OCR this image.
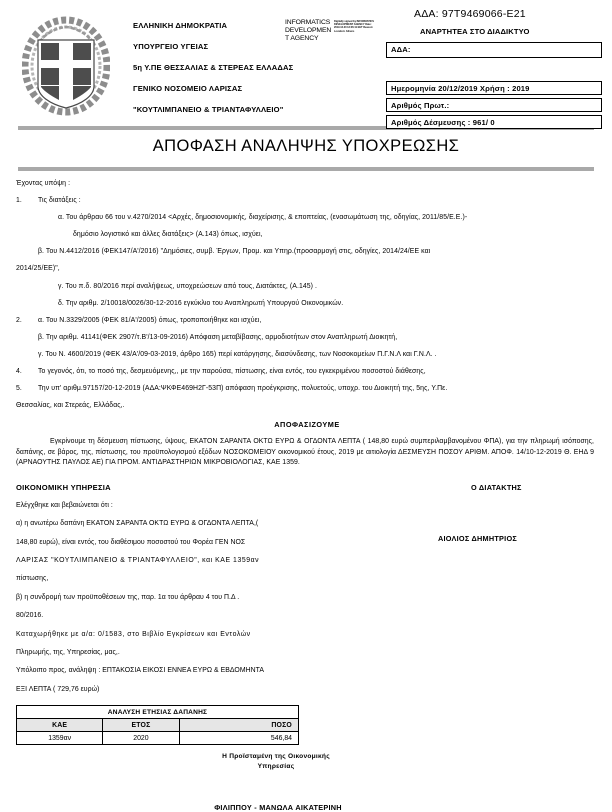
ΕΛΛΗΝΙΚΗ ΔΗΜΟΚΡΑΤΙΑ
ΥΠΟΥΡΓΕΙΟ ΥΓΕΙΑΣ
5η Υ.ΠΕ ΘΕΣΣΑΛΙΑΣ & ΣΤΕΡΕΑΣ ΕΛΛΑΔΑΣ
ΓΕΝΙΚΟ ΝΟΣΟΜΕΙΟ ΛΑΡΙΣΑΣ
"ΚΟΥΤΛΙΜΠΑΝΕΙΟ & ΤΡΙΑΝΤΑΦΥΛΛΕΙΟ"
INFORMATICS DEVELOPMEN T AGENCY
Digitally signed by INFORMATICS DEVELOPMENT AGENCY Date: 2019.12.20 13:26:11 EET Reason: Location: Athens
ΑΔΑ: 97Τ9469066-Ε21
ΑΝΑΡΤΗΤΕΑ ΣΤΟ ΔΙΑΔΙΚΤΥΟ
ΑΔΑ:
Ημερομηνία 20/12/2019 Χρήση : 2019
Αριθμός Πρωτ.:
Αριθμός Δέσμευσης : 961/ 0
ΑΠΟΦΑΣΗ ΑΝΑΛΗΨΗΣ ΥΠΟΧΡΕΩΣΗΣ
Έχοντας υπόψη :
1. Τις διατάξεις :
α. Του άρθραυ 66 του ν.4270/2014 <Αρχές, δημοσιονομικής, διαχείρισης, & εποπτείας, (ενασωμάτωση της, οδηγίας, 2011/85/Ε.Ε.)-
δημόσιο λογιστικό και άλλες διατάξεις> (Α.143) όπως, ισχύει,
β. Του Ν.4412/2016 (ΦΕΚ147/Α'/2016) "Δημόσιες, συμβ. Έργων, Προμ. και Υπηρ.(προσαρμογή στις, οδηγίες, 2014/24/ΕΕ και
2014/25/ΕΕ)",
γ. Του π.δ. 80/2016 περί αναλήψεως, υποχρεώσεων από τους, Διατάκτες, (Α.145) .
δ. Την αριθμ. 2/10018/0026/30-12-2016 εγκύκλιο του Αναπληρωτή Υπουργού Οικονομικών.
2. α. Του Ν.3329/2005 (ΦΕΚ 81/Α'/2005) όπως, τροποποιήθηκε και ισχύει,
β. Την αριθμ. 41141(ΦΕΚ 2907/τ.Β'/13-09-2016) Απόφαση μεταβίβασης, αρμοδιοτήτων στον Αναπληρωτή Διοικητή,
γ. Του Ν. 4600/2019 (ΦΕΚ 43/Α'/09-03-2019, άρθρο 165) περί κατάργησης, διασύνδεσης, των Νοσοκομείων Π.Γ.Ν.Λ και Γ.Ν.Λ. .
4. Το γεγονός, ότι, το ποσό της, δεσμευόμενης,, με την παρούσα, πίστωσης, είναι εντός, του εγκεκριμένου ποσοστού διάθεσης,
5. Την υπ' αριθμ.97157/20-12-2019 (ΑΔΑ:ΨΚΦΕ469Η2Γ-53Π) απόφαση προέγκρισης, πολυετούς, υποχρ. του Διοικητή της, 5ης, Υ.Πε.
Θεσσαλίας, και Στερεάς, Ελλάδας,.
ΑΠΟΦΑΣΙΖΟΥΜΕ
Εγκρίνουμε τη δέσμευση πίστωσης, ύψους, ΕΚΑΤΟΝ ΣΑΡΑΝΤΑ ΟΚΤΩ ΕΥΡΩ & ΟΓΔΟΝΤΑ ΛΕΠΤΑ ( 148,80 ευρώ συμπεριλαμβανομένου ΦΠΑ), για την πληρωμή ισόποσης, δαπάνης, σε βάρος, της, πίστωσης, του προϋπολογισμού εξόδων ΝΟΣΟΚΟΜΕΙΟΥ οικονομικού έτους, 2019 με αιτιολογία ΔΕΣΜΕΥΣΗ ΠΟΣΟΥ ΑΡΙΘΜ. ΑΠΟΦ. 14/10-12-2019 Θ. ΕΗΔ 9 (ΑΡΝΑΟΥΤΗΣ ΠΑΥΛΟΣ ΑΕ) ΓΙΑ ΠΡΟΜ. ΑΝΤΙΔΡΑΣΤΗΡΙΩΝ ΜΙΚΡΟΒΙΟΛΟΓΙΑΣ, ΚΑΕ 1359.
ΟΙΚΟΝΟΜΙΚΗ ΥΠΗΡΕΣΙΑ
Ελέγχθηκε και βεβαιώνεται ότι :
α) η ανωτέρω δαπάνη ΕΚΑΤΟΝ ΣΑΡΑΝΤΑ ΟΚΤΩ ΕΥΡΩ & ΟΓΔΟΝΤΑ ΛΕΠΤΑ,(
148,80 ευρώ), είναι εντός, του διαθέσιμου ποσοστού του Φορέα ΓΕΝ ΝΟΣ
ΛΑΡΙΣΑΣ "ΚΟΥΤΛΙΜΠΑΝΕΙΟ & ΤΡΙΑΝΤΑΦΥΛΛΕΙΟ", και ΚΑΕ 1359αν
πίστωσης,
β) η συνδρομή των προϋποθέσεων της, παρ. 1α του άρθραυ 4 του Π.Δ .
80/2016.
Καταχωρήθηκε με α/α: 0/1583, στο Βιβλίο Εγκρίσεων και Εντολών
Πληρωμής, της, Υπηρεσίας, μας,.
Υπόλοιπο προς, ανάληψη : ΕΠΤΑΚΟΣΙΑ ΕΙΚΟΣΙ ΕΝΝΕΑ ΕΥΡΩ & ΕΒΔΟΜΗΝΤΑ
ΕΞΙ ΛΕΠΤΑ ( 729,76 ευρώ)
Ο ΔΙΑΤΑΚΤΗΣ
ΑΙΟΛΙΟΣ ΔΗΜΗΤΡΙΟΣ
ΑΝΑΛΥΣΗ ΕΤΗΣΙΑΣ ΔΑΠΑΝΗΣ		
ΚΑΕ	ΕΤΟΣ	ΠΟΣΟ
1359αν	2020	546,84
Η Προϊσταμένη της Οικονομικής
Υπηρεσίας
ΦΙΛΙΠΠΟΥ - ΜΑΝΩΛΑ ΑΙΚΑΤΕΡΙΝΗ
